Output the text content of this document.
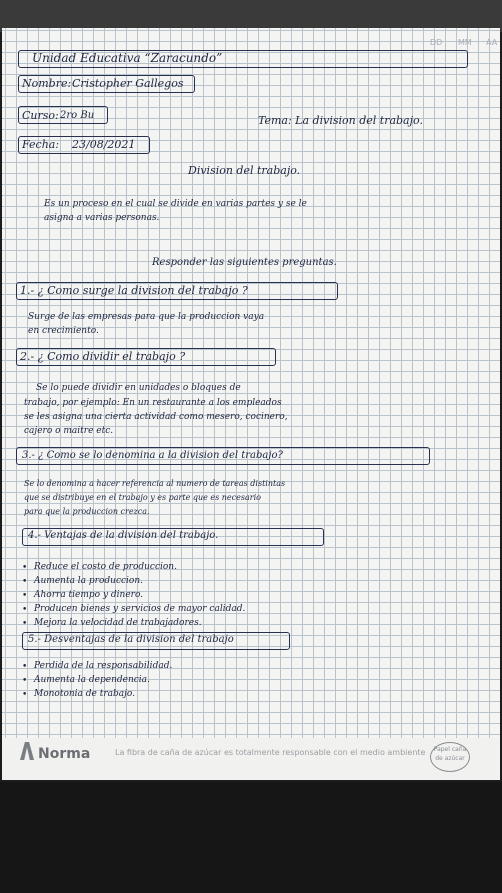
DD MM AA
Unidad Educativa “Zaracundo”
Nombre: Cristopher Gallegos
Curso: 2ro Bu	Tema: La division del trabajo.
Fecha: 23/08/2021
Division del trabajo.
Es un proceso en el cual se divide en varias partes y se le
asigna a varias personas.
Responder las siguientes preguntas.
1.- ¿ Como surge la division del trabajo ?
Surge de las empresas para que la produccion vaya
en crecimiento.
2.- ¿ Como dividir el trabajo ?
Se lo puede dividir en unidades o bloques de
trabajo, por ejemplo: En un restaurante a los empleados
se les asigna una cierta actividad como mesero, cocinero,
cajero o maitre etc.
3.- ¿ Como se lo denomina a la division del trabajo?
Se lo denomina a hacer referencia al numero de tareas distintas
que se distribuye en el trabajo y es parte que es necesario
para que la produccion crezca.
4.- Ventajas de la division del trabajo.
• Reduce el costo de produccion.
• Aumenta la produccion.
• Ahorra tiempo y dinero.
• Producen bienes y servicios de mayor calidad.
• Mejora la velocidad de trabajadores.
5.- Desventajas de la division del trabajo
• Perdida de la responsabilidad.
• Aumenta la dependencia.
• Monotonia de trabajo.
Norma	La fibra de caña de azúcar es totalmente responsable con el medio ambiente	Papel caña de azúcar
